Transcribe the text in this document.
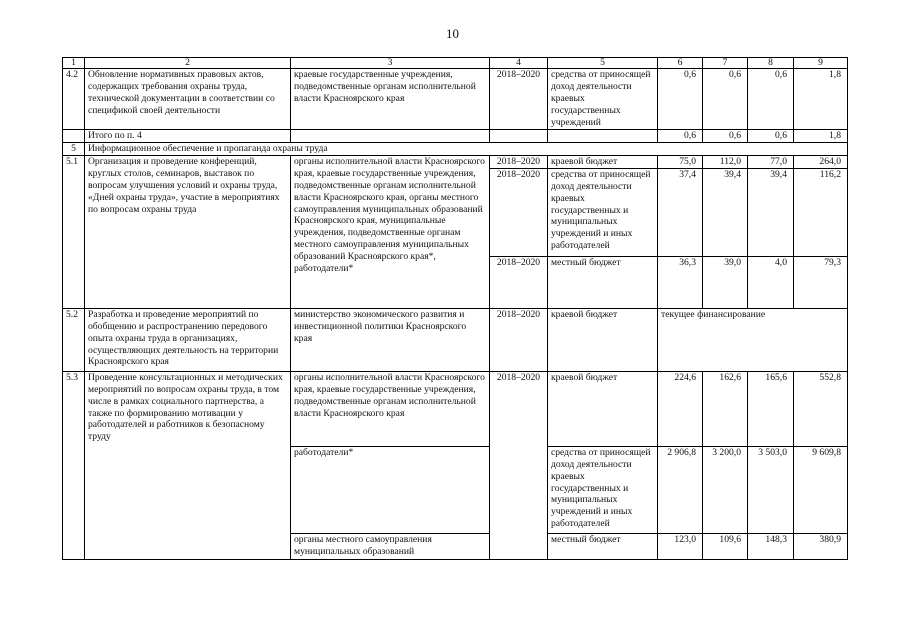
10
1	2	3	4	5	6	7	8	9
4.2	Обновление нормативных правовых актов, содержащих требования охраны труда, технической документации в соответствии со спецификой своей деятельности	краевые государственные учреждения, подведомственные органам исполнительной власти Красноярского края	2018–2020	средства от приносящей доход деятельности краевых государственных учреждений	0,6	0,6	0,6	1,8
	Итого по п. 4				0,6	0,6	0,6	1,8
5	Информационное обеспечение и пропаганда охраны труда							
5.1	Организация и проведение конференций, круглых столов, семинаров, выставок по вопросам улучшения условий и охраны труда, «Дней охраны труда», участие в мероприятиях по вопросам охраны труда	органы исполнительной власти Красноярского края, краевые государственные учреждения, подведомственные органам исполнительной власти Красноярского края, органы местного самоуправления муниципальных образований Красноярского края, муниципальные учреждения, подведомственные органам местного самоуправления муниципальных образований Красноярского края*, работодатели*	2018–2020	краевой бюджет	75,0	112,0	77,0	264,0
			2018–2020	средства от приносящей доход деятельности краевых государственных и муниципальных учреждений и иных работодателей	37,4	39,4	39,4	116,2
			2018–2020	местный бюджет	36,3	39,0	4,0	79,3
5.2	Разработка и проведение мероприятий по обобщению и распространению передового опыта охраны труда в организациях, осуществляющих деятельность на территории Красноярского края	министерство экономического развития и инвестиционной политики Красноярского края	2018–2020	краевой бюджет	текущее финансирование			
5.3	Проведение консультационных и методических мероприятий по вопросам охраны труда, в том числе в рамках социального партнерства, а также по формированию мотивации у работодателей и работников к безопасному труду	органы исполнительной власти Красноярского края, краевые государственные учреждения, подведомственные органам исполнительной власти Красноярского края	2018–2020	краевой бюджет	224,6	162,6	165,6	552,8
		работодатели*		средства от приносящей доход деятельности краевых государственных и муниципальных учреждений и иных работодателей	2 906,8	3 200,0	3 503,0	9 609,8
		органы местного самоуправления муниципальных образований		местный бюджет	123,0	109,6	148,3	380,9
